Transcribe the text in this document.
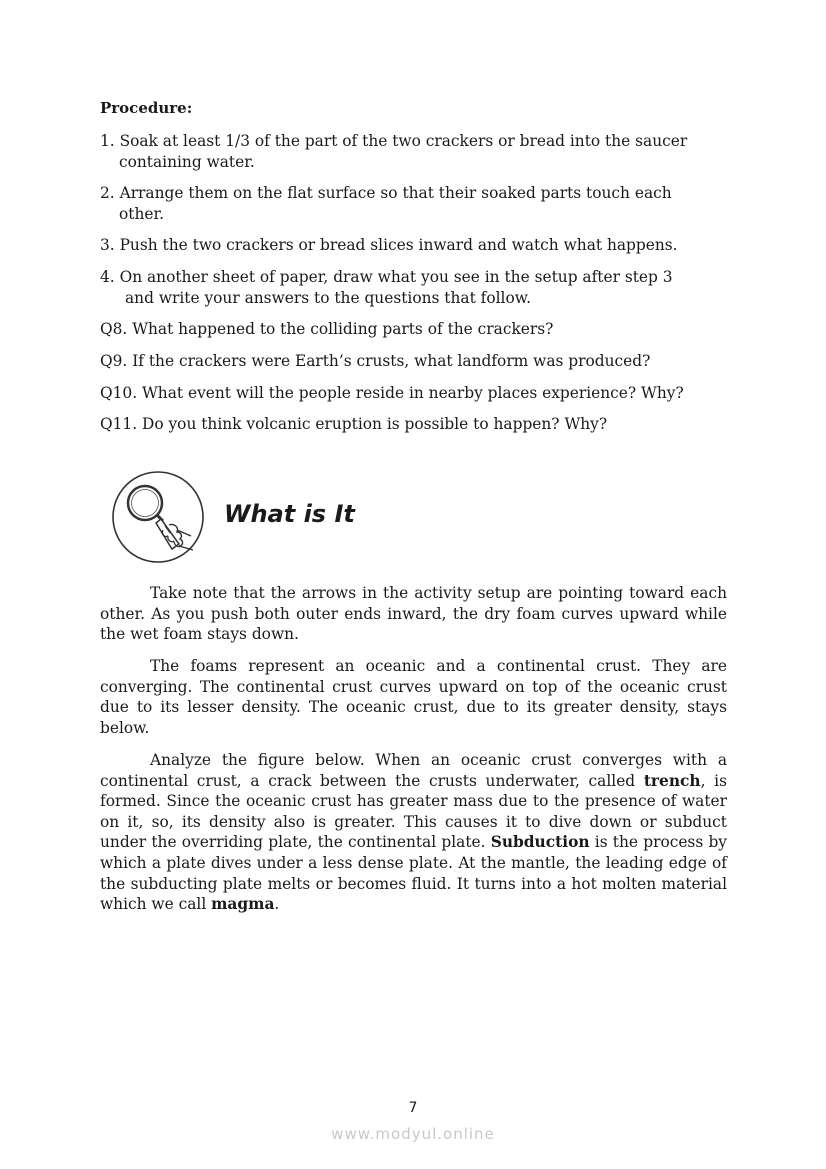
Procedure:
1. Soak at least 1/3 of the part of the two crackers or bread into the saucer
containing water.
2. Arrange them on the flat surface so that their soaked parts touch each
other.
3. Push the two crackers or bread slices inward and watch what happens.
4. On another sheet of paper, draw what you see in the setup after step 3
and write your answers to the questions that follow.
Q8. What happened to the colliding parts of the crackers?
Q9. If the crackers were Earth’s crusts, what landform was produced?
Q10. What event will the people reside in nearby places experience? Why?
Q11. Do you think volcanic eruption is possible to happen? Why?
What is It

Take note that the arrows in the activity setup are pointing toward each other. As you push both outer ends inward, the dry foam curves upward while the wet foam stays down.

The foams represent an oceanic and a continental crust. They are converging. The continental crust curves upward on top of the oceanic crust due to its lesser density. The oceanic crust, due to its greater density, stays below.

Analyze the figure below. When an oceanic crust converges with a continental crust, a crack between the crusts underwater, called trench, is formed. Since the oceanic crust has greater mass due to the presence of water on it, so, its density also is greater. This causes it to dive down or subduct under the overriding plate, the continental plate. Subduction is the process by which a plate dives under a less dense plate. At the mantle, the leading edge of the subducting plate melts or becomes fluid. It turns into a hot molten material which we call magma.

7
www.modyul.online
